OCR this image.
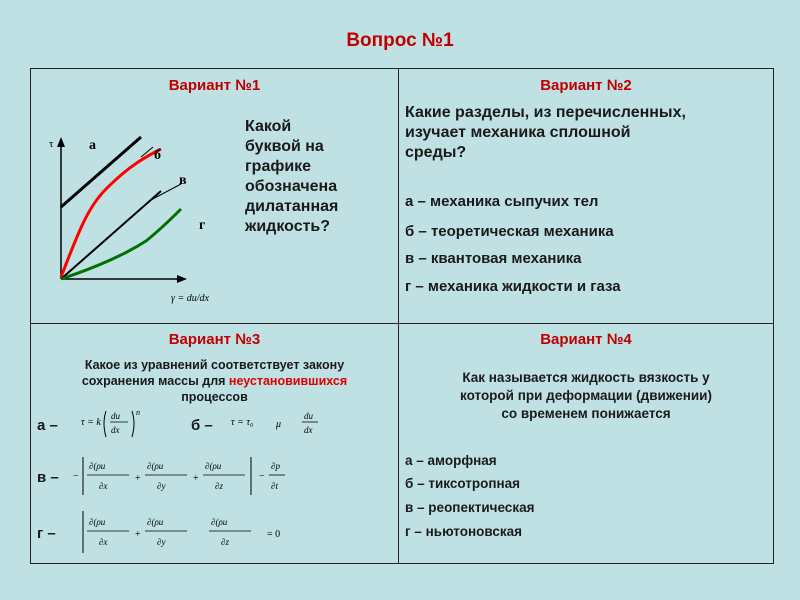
Вопрос №1
Вариант №1
τ	а
б
в
г
γ = du/dx
Какой
буквой на
графике
обозначена
дилатанная
жидкость?
Вариант №2
Какие разделы, из перечисленных,
изучает механика сплошной
среды?
а – механика сыпучих тел
б – теоретическая механика
в – квантовая механика
г – механика жидкости и газа
Вариант №3
Какое из уравнений соответствует закону
сохранения массы для неустановившихся
процессов
а – τ = k
du
dx
n
б – τ = τ₀ μ
du
dx
в – −
∂(ρu
∂x
+
∂(ρu
∂y
+
∂(ρu
∂z
−
∂p
∂t
г –
∂(ρu
∂x
+
∂(ρu
∂y
∂(ρu
∂z
= 0
Вариант №4
Как называется жидкость вязкость у
которой при деформации (движении)
со временем понижается
а – аморфная
б – тиксотропная
в – реопектическая
г – ньютоновская
